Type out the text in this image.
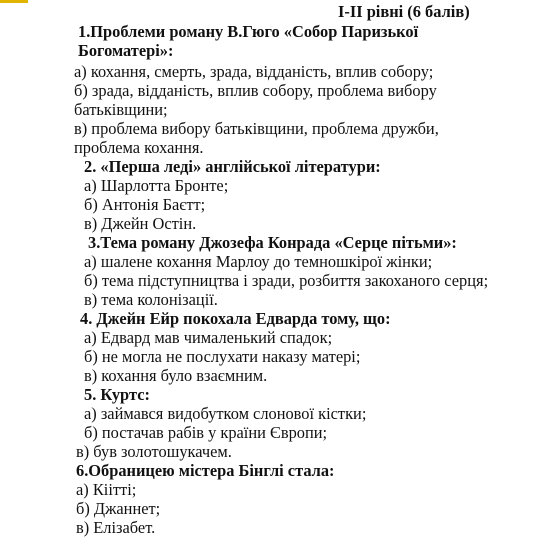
I-II рівні (6 балів)
1.Проблеми роману В.Гюго «Собор Паризької
Богоматері»:
а) кохання, смерть, зрада, відданість, вплив собору;
б) зрада, відданість, вплив собору, проблема вибору
батьківщини;
в) проблема вибору батьківщини, проблема дружби,
проблема кохання.
2. «Перша леді» англійської літератури:
а) Шарлотта Бронте;
б) Антонія Баєтт;
в) Джейн Остін.
3.Тема роману Джозефа Конрада «Серце пітьми»:
а) шалене кохання Марлоу до темношкірої жінки;
б) тема підступництва і зради, розбиття закоханого серця;
в) тема колонізації.
4. Джейн Ейр покохала Едварда тому, що:
а) Едвард мав чималенький спадок;
б) не могла не послухати наказу матері;
в) кохання було взаємним.
5. Куртс:
а) займався видобутком слонової кістки;
б) постачав рабів у країни Європи;
в) був золотошукачем.
6.Обраницею містера Бінглі стала:
а) Кіітті;
б) Джаннет;
в) Елізабет.
